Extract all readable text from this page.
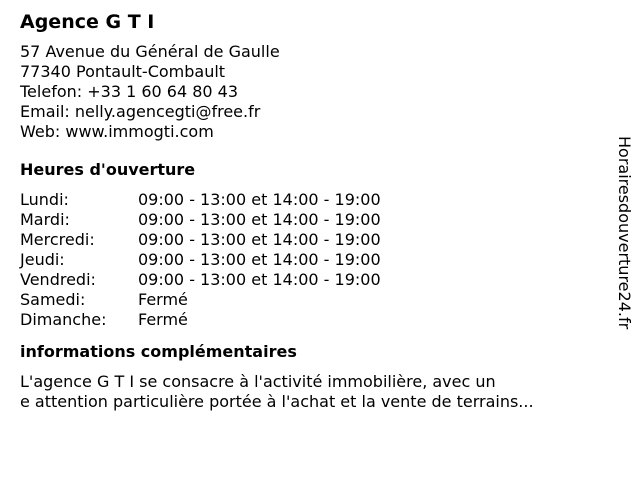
Agence G T I
57 Avenue du Général de Gaulle
77340 Pontault-Combault
Telefon: +33 1 60 64 80 43
Email: nelly.agencegti@free.fr
Web: www.immogti.com
Heures d'ouverture
Lundi:	09:00 - 13:00 et 14:00 - 19:00
Mardi:	09:00 - 13:00 et 14:00 - 19:00
Mercredi:	09:00 - 13:00 et 14:00 - 19:00
Jeudi:	09:00 - 13:00 et 14:00 - 19:00
Vendredi:	09:00 - 13:00 et 14:00 - 19:00
Samedi:	Fermé
Dimanche:	Fermé
informations complémentaires
L'agence G T I se consacre à l'activité immobilière, avec un
e attention particulière portée à l'achat et la vente de terrains...
Horairesdouverture24.fr
